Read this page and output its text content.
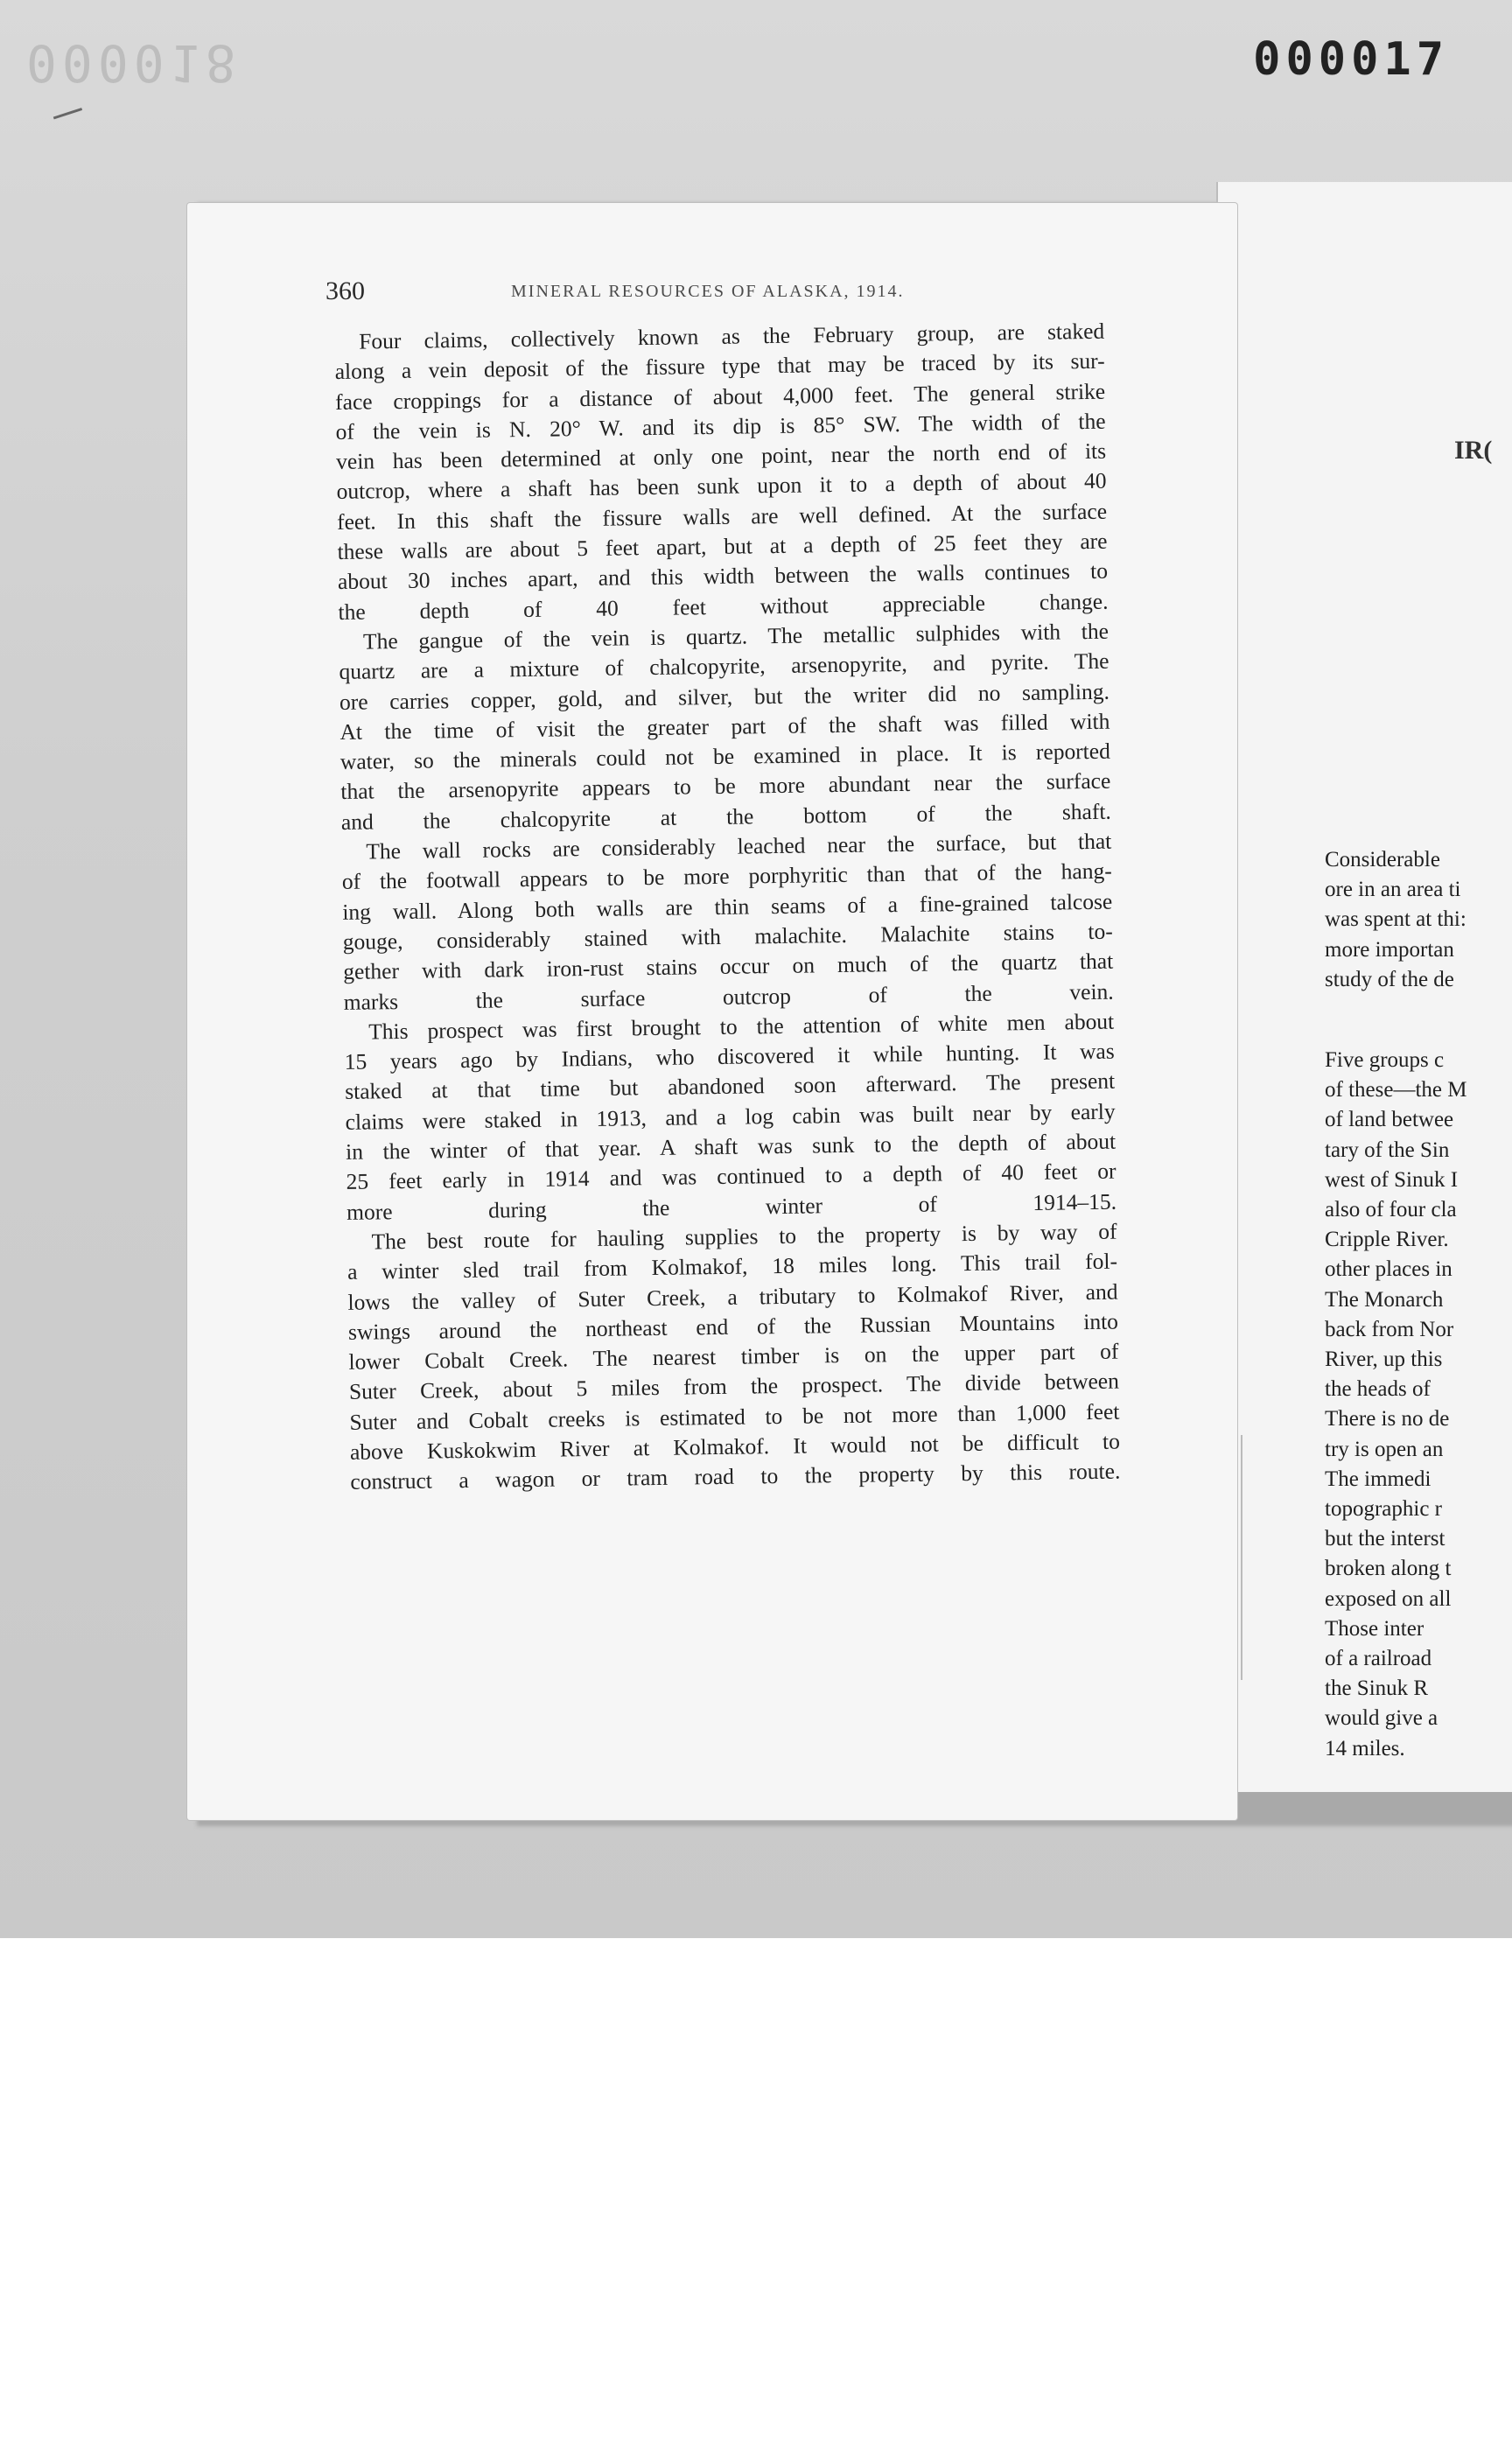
000018	000017
IR(
Considerable
ore in an area ti
was spent at thi:
more importan
study of the de
Five groups c
of these—the M
of land betwee
tary of the Sin
west of Sinuk I
also of four cla
Cripple River.
other places in
The Monarch
back from Nor
River, up this
the heads of
There is no de
try is open an
The immedi
topographic r
but the interst
broken along t
exposed on all
Those inter
of a railroad
the Sinuk R
would give a
14 miles.
360	MINERAL RESOURCES OF ALASKA, 1914.
Four claims, collectively known as the February group, are staked
along a vein deposit of the fissure type that may be traced by its sur-
face croppings for a distance of about 4,000 feet. The general strike
of the vein is N. 20° W. and its dip is 85° SW. The width of the
vein has been determined at only one point, near the north end of its
outcrop, where a shaft has been sunk upon it to a depth of about 40
feet. In this shaft the fissure walls are well defined. At the surface
these walls are about 5 feet apart, but at a depth of 25 feet they are
about 30 inches apart, and this width between the walls continues to
the depth of 40 feet without appreciable change.
The gangue of the vein is quartz. The metallic sulphides with the
quartz are a mixture of chalcopyrite, arsenopyrite, and pyrite. The
ore carries copper, gold, and silver, but the writer did no sampling.
At the time of visit the greater part of the shaft was filled with
water, so the minerals could not be examined in place. It is reported
that the arsenopyrite appears to be more abundant near the surface
and the chalcopyrite at the bottom of the shaft.
The wall rocks are considerably leached near the surface, but that
of the footwall appears to be more porphyritic than that of the hang-
ing wall. Along both walls are thin seams of a fine-grained talcose
gouge, considerably stained with malachite. Malachite stains to-
gether with dark iron-rust stains occur on much of the quartz that
marks the surface outcrop of the vein.
This prospect was first brought to the attention of white men about
15 years ago by Indians, who discovered it while hunting. It was
staked at that time but abandoned soon afterward. The present
claims were staked in 1913, and a log cabin was built near by early
in the winter of that year. A shaft was sunk to the depth of about
25 feet early in 1914 and was continued to a depth of 40 feet or
more during the winter of 1914–15.
The best route for hauling supplies to the property is by way of
a winter sled trail from Kolmakof, 18 miles long. This trail fol-
lows the valley of Suter Creek, a tributary to Kolmakof River, and
swings around the northeast end of the Russian Mountains into
lower Cobalt Creek. The nearest timber is on the upper part of
Suter Creek, about 5 miles from the prospect. The divide between
Suter and Cobalt creeks is estimated to be not more than 1,000 feet
above Kuskokwim River at Kolmakof. It would not be difficult to
construct a wagon or tram road to the property by this route.
